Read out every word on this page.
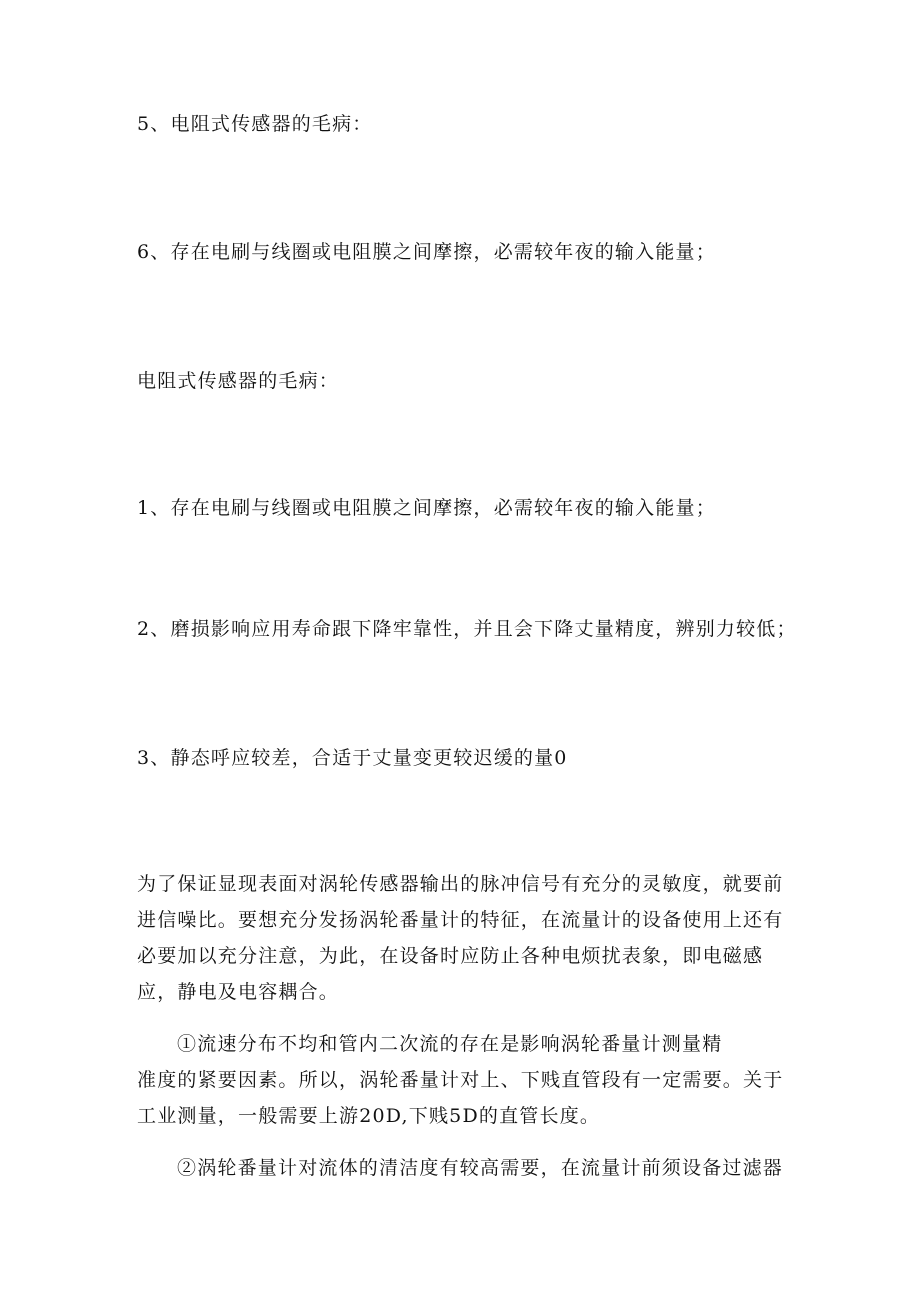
5、电阻式传感器的毛病：
6、存在电刷与线圈或电阻膜之间摩擦，必需较年夜的输入能量；
电阻式传感器的毛病：
1、存在电刷与线圈或电阻膜之间摩擦，必需较年夜的输入能量；
2、磨损影响应用寿命跟下降牢靠性，并且会下降丈量精度，辨别力较低；
3、静态呼应较差，合适于丈量变更较迟缓的量0
为了保证显现表面对涡轮传感器输出的脉冲信号有充分的灵敏度，就要前
进信噪比。要想充分发扬涡轮番量计的特征，在流量计的设备使用上还有
必要加以充分注意，为此，在设备时应防止各种电烦扰表象，即电磁感
应，静电及电容耦合。
①流速分布不均和管内二次流的存在是影响涡轮番量计测量精
准度的紧要因素。所以，涡轮番量计对上、下贱直管段有一定需要。关于
工业测量，一般需要上游20D,下贱5D的直管长度。
②涡轮番量计对流体的清洁度有较高需要，在流量计前须设备过滤器
